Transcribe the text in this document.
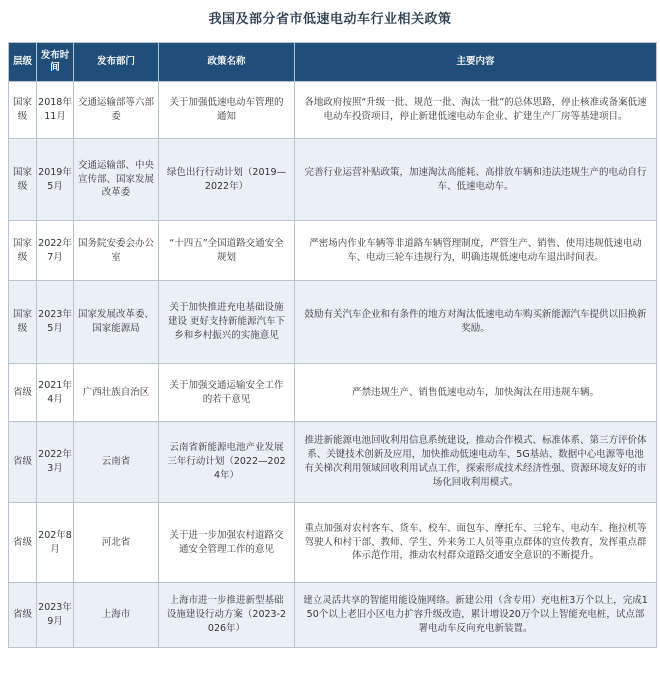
我国及部分省市低速电动车行业相关政策
层级	发布时间	发布部门	政策名称	主要内容
国家级	2018年11月	交通运输部等六部委	关于加强低速电动车管理的通知	各地政府按照“升级一批、规范一批、淘汰一批”的总体思路，停止核准或备案低速电动车投资项目，停止新建低速电动车企业、扩建生产厂房等基建项目。
国家级	2019年5月	交通运输部、中央宣传部、国家发展改革委	绿色出行行动计划（2019—2022年）	完善行业运营补贴政策，加速淘汰高能耗、高排放车辆和违法违规生产的电动自行车、低速电动车。
国家级	2022年7月	国务院安委会办公室	“十四五”全国道路交通安全规划	严密场内作业车辆等非道路车辆管理制度，严管生产、销售、使用违规低速电动车、电动三轮车违规行为，明确违规低速电动车退出时间表。
国家级	2023年5月	国家发展改革委、国家能源局	关于加快推进充电基础设施建设 更好支持新能源汽车下乡和乡村振兴的实施意见	鼓励有关汽车企业和有条件的地方对淘汰低速电动车购买新能源汽车提供以旧换新奖励。
省级	2021年4月	广西壮族自治区	关于加强交通运输安全工作的若干意见	严禁违规生产、销售低速电动车，加快淘汰在用违规车辆。
省级	2022年3月	云南省	云南省新能源电池产业发展三年行动计划（2022—2024年）	推进新能源电池回收利用信息系统建设，推动合作模式、标准体系、第三方评价体系、关键技术创新及应用，加快推动低速电动车、5G基站、数据中心电源等电池有关梯次利用领域回收利用试点工作，探索形成技术经济性强、资源环境友好的市场化回收利用模式。
省级	202年8月	河北省	关于进一步加强农村道路交通安全管理工作的意见	重点加强对农村客车、货车、校车、面包车、摩托车、三轮车、电动车、拖拉机等驾驶人和村干部、教师、学生、外来务工人员等重点群体的宣传教育，发挥重点群体示范作用，推动农村群众道路交通安全意识的不断提升。
省级	2023年9月	上海市	上海市进一步推进新型基础设施建设行动方案（2023-2026年）	建立灵活共享的智能用能设施网络。新建公用（含专用）充电桩3万个以上，完成150个以上老旧小区电力扩容升级改造，累计增设20万个以上智能充电桩，试点部署电动车反向充电新装置。
